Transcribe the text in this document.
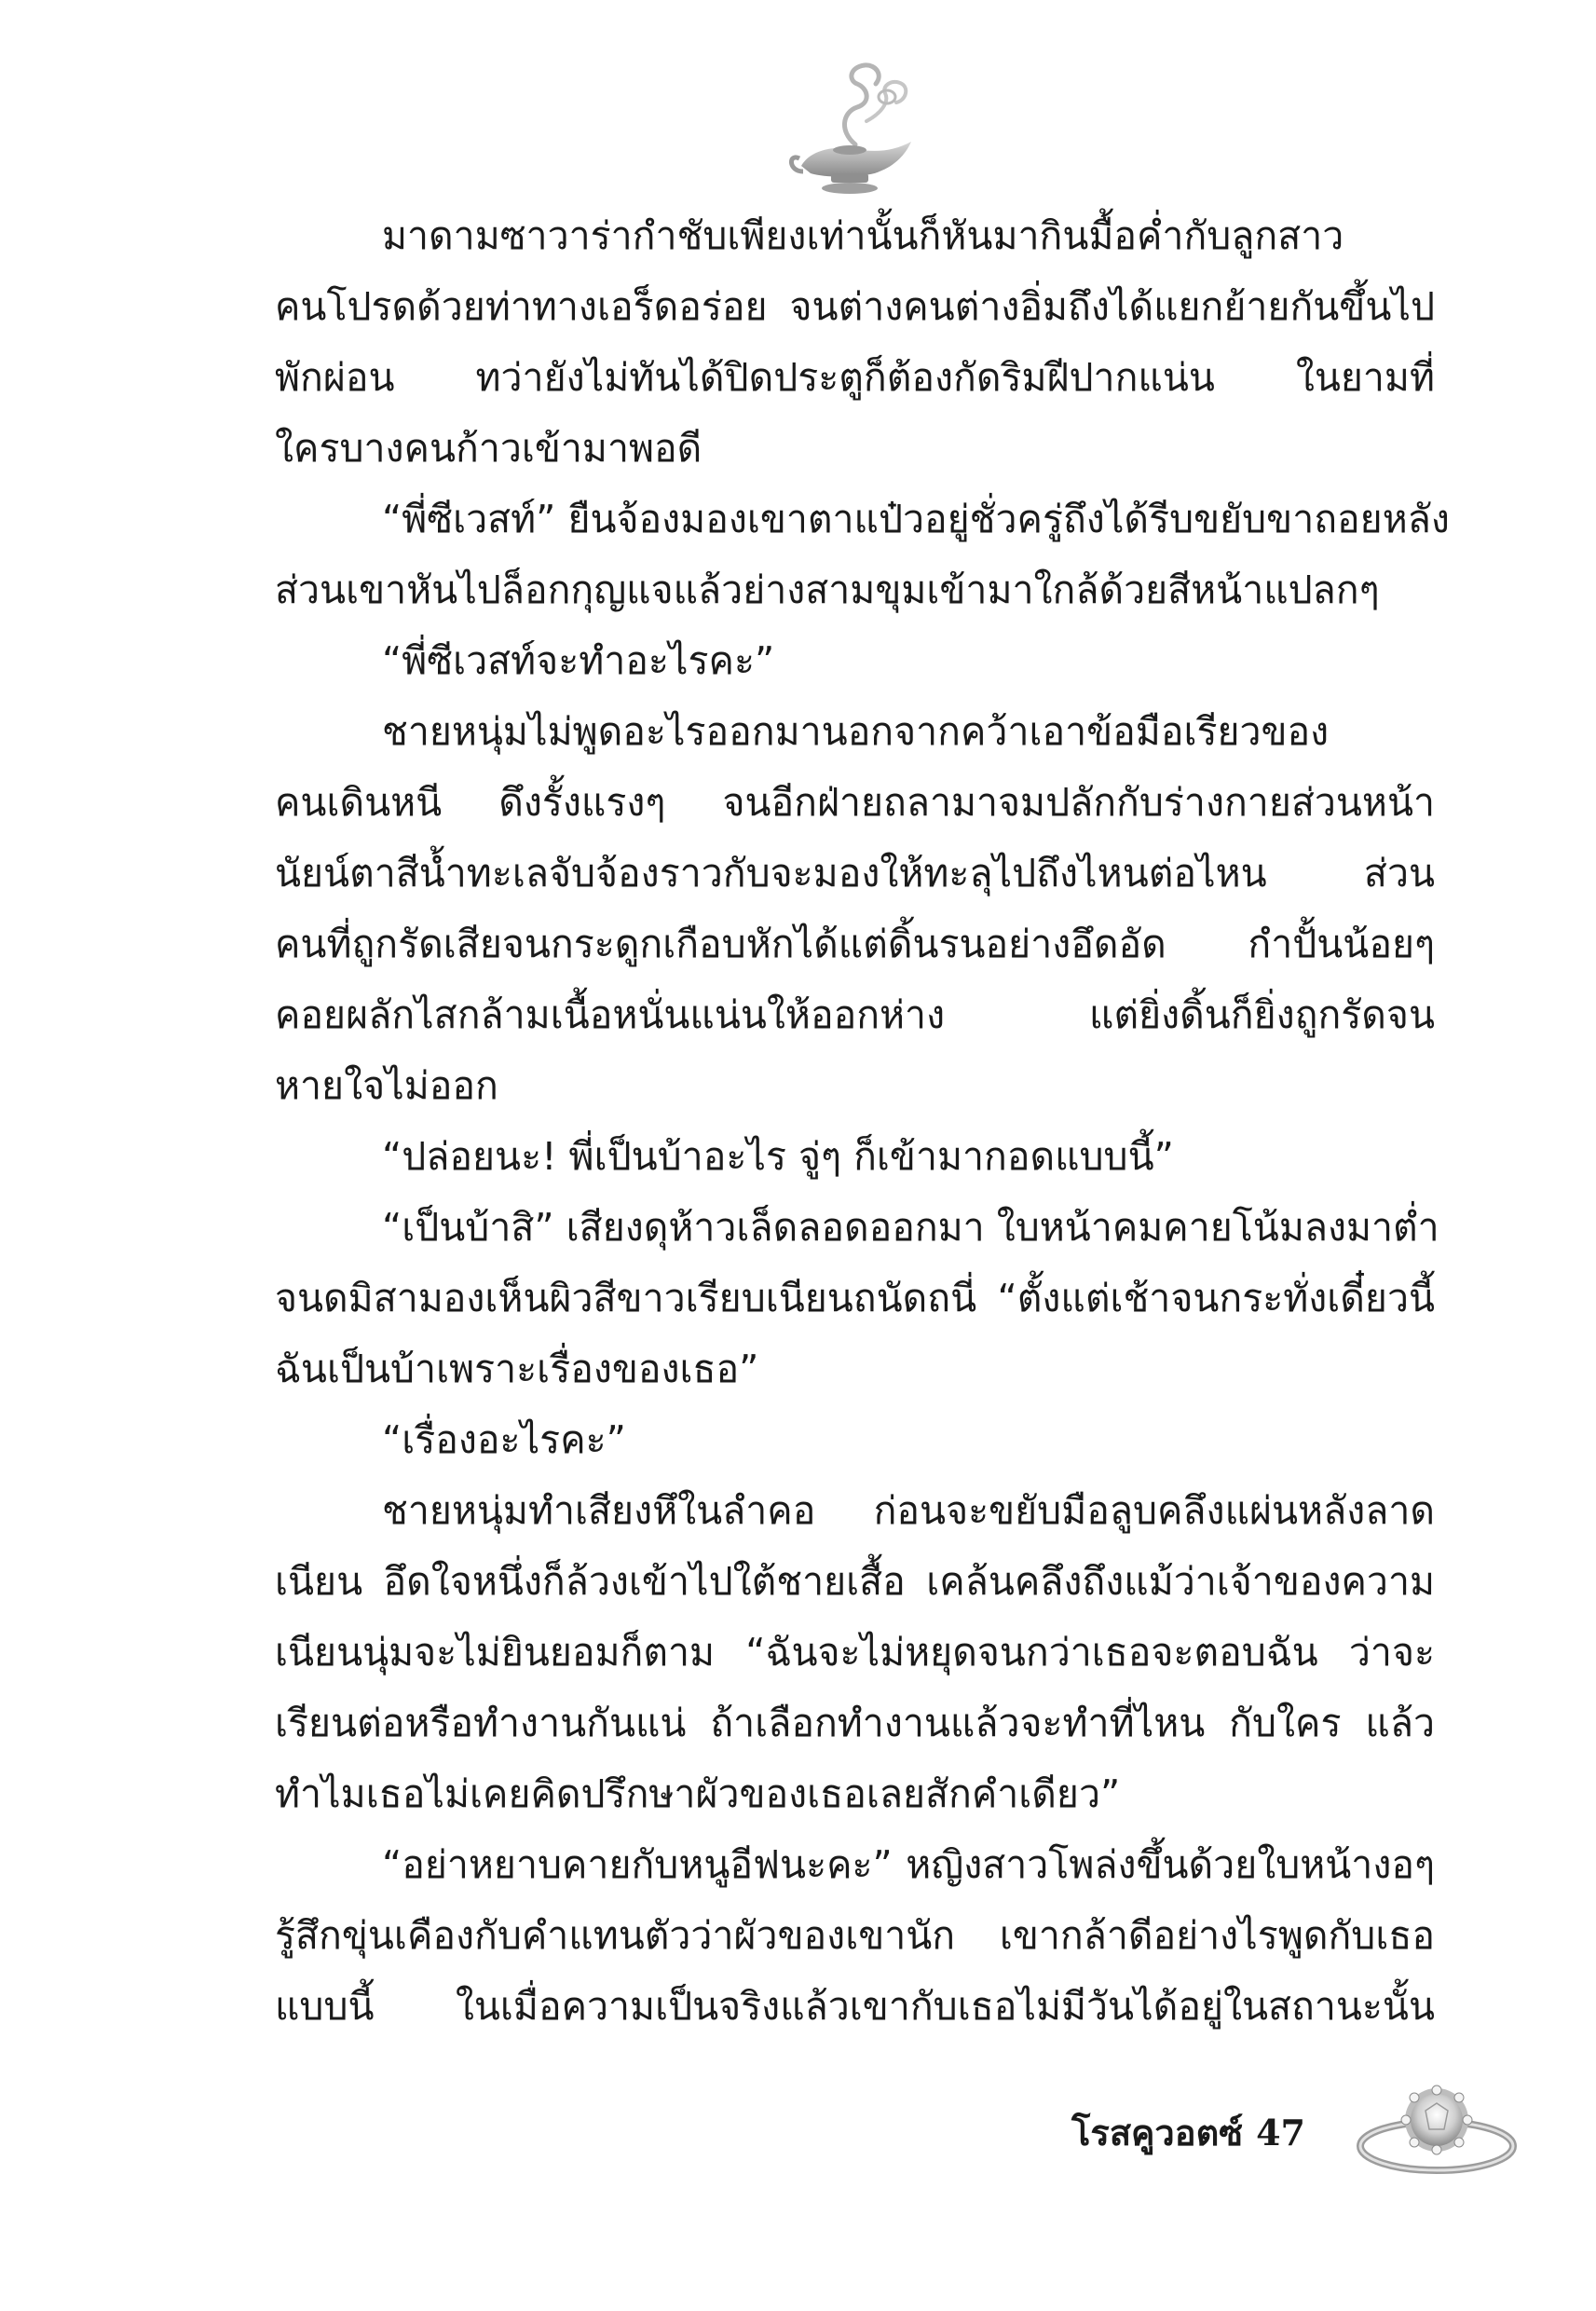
มาดามซาวาร่ากำชับเพียงเท่านั้นก็หันมากินมื้อค่ำกับลูกสาว
คนโปรดด้วยท่าทางเอร็ดอร่อย จนต่างคนต่างอิ่มถึงได้แยกย้ายกันขึ้นไป
พักผ่อน ทว่ายังไม่ทันได้ปิดประตูก็ต้องกัดริมฝีปากแน่น ในยามที่
ใครบางคนก้าวเข้ามาพอดี
“พี่ซีเวสท์” ยืนจ้องมองเขาตาแป๋วอยู่ชั่วครู่ถึงได้รีบขยับขาถอยหลัง
ส่วนเขาหันไปล็อกกุญแจแล้วย่างสามขุมเข้ามาใกล้ด้วยสีหน้าแปลกๆ
“พี่ซีเวสท์จะทำอะไรคะ”
ชายหนุ่มไม่พูดอะไรออกมานอกจากคว้าเอาข้อมือเรียวของ
คนเดินหนี ดึงรั้งแรงๆ จนอีกฝ่ายถลามาจมปลักกับร่างกายส่วนหน้า
นัยน์ตาสีน้ำทะเลจับจ้องราวกับจะมองให้ทะลุไปถึงไหนต่อไหน ส่วน
คนที่ถูกรัดเสียจนกระดูกเกือบหักได้แต่ดิ้นรนอย่างอึดอัด กำปั้นน้อยๆ
คอยผลักไสกล้ามเนื้อหนั่นแน่นให้ออกห่าง แต่ยิ่งดิ้นก็ยิ่งถูกรัดจน
หายใจไม่ออก
“ปล่อยนะ! พี่เป็นบ้าอะไร จู่ๆ ก็เข้ามากอดแบบนี้”
“เป็นบ้าสิ” เสียงดุห้าวเล็ดลอดออกมา ใบหน้าคมคายโน้มลงมาต่ำ
จนดมิสามองเห็นผิวสีขาวเรียบเนียนถนัดถนี่ “ตั้งแต่เช้าจนกระทั่งเดี๋ยวนี้
ฉันเป็นบ้าเพราะเรื่องของเธอ”
“เรื่องอะไรคะ”
ชายหนุ่มทำเสียงหึในลำคอ ก่อนจะขยับมือลูบคลึงแผ่นหลังลาด
เนียน อึดใจหนึ่งก็ล้วงเข้าไปใต้ชายเสื้อ เคล้นคลึงถึงแม้ว่าเจ้าของความ
เนียนนุ่มจะไม่ยินยอมก็ตาม “ฉันจะไม่หยุดจนกว่าเธอจะตอบฉัน ว่าจะ
เรียนต่อหรือทำงานกันแน่ ถ้าเลือกทำงานแล้วจะทำที่ไหน กับใคร แล้ว
ทำไมเธอไม่เคยคิดปรึกษาผัวของเธอเลยสักคำเดียว”
“อย่าหยาบคายกับหนูอีฟนะคะ” หญิงสาวโพล่งขึ้นด้วยใบหน้างอๆ
รู้สึกขุ่นเคืองกับคำแทนตัวว่าผัวของเขานัก เขากล้าดีอย่างไรพูดกับเธอ
แบบนี้ ในเมื่อความเป็นจริงแล้วเขากับเธอไม่มีวันได้อยู่ในสถานะนั้น
โรสคูวอตซ์ 47
